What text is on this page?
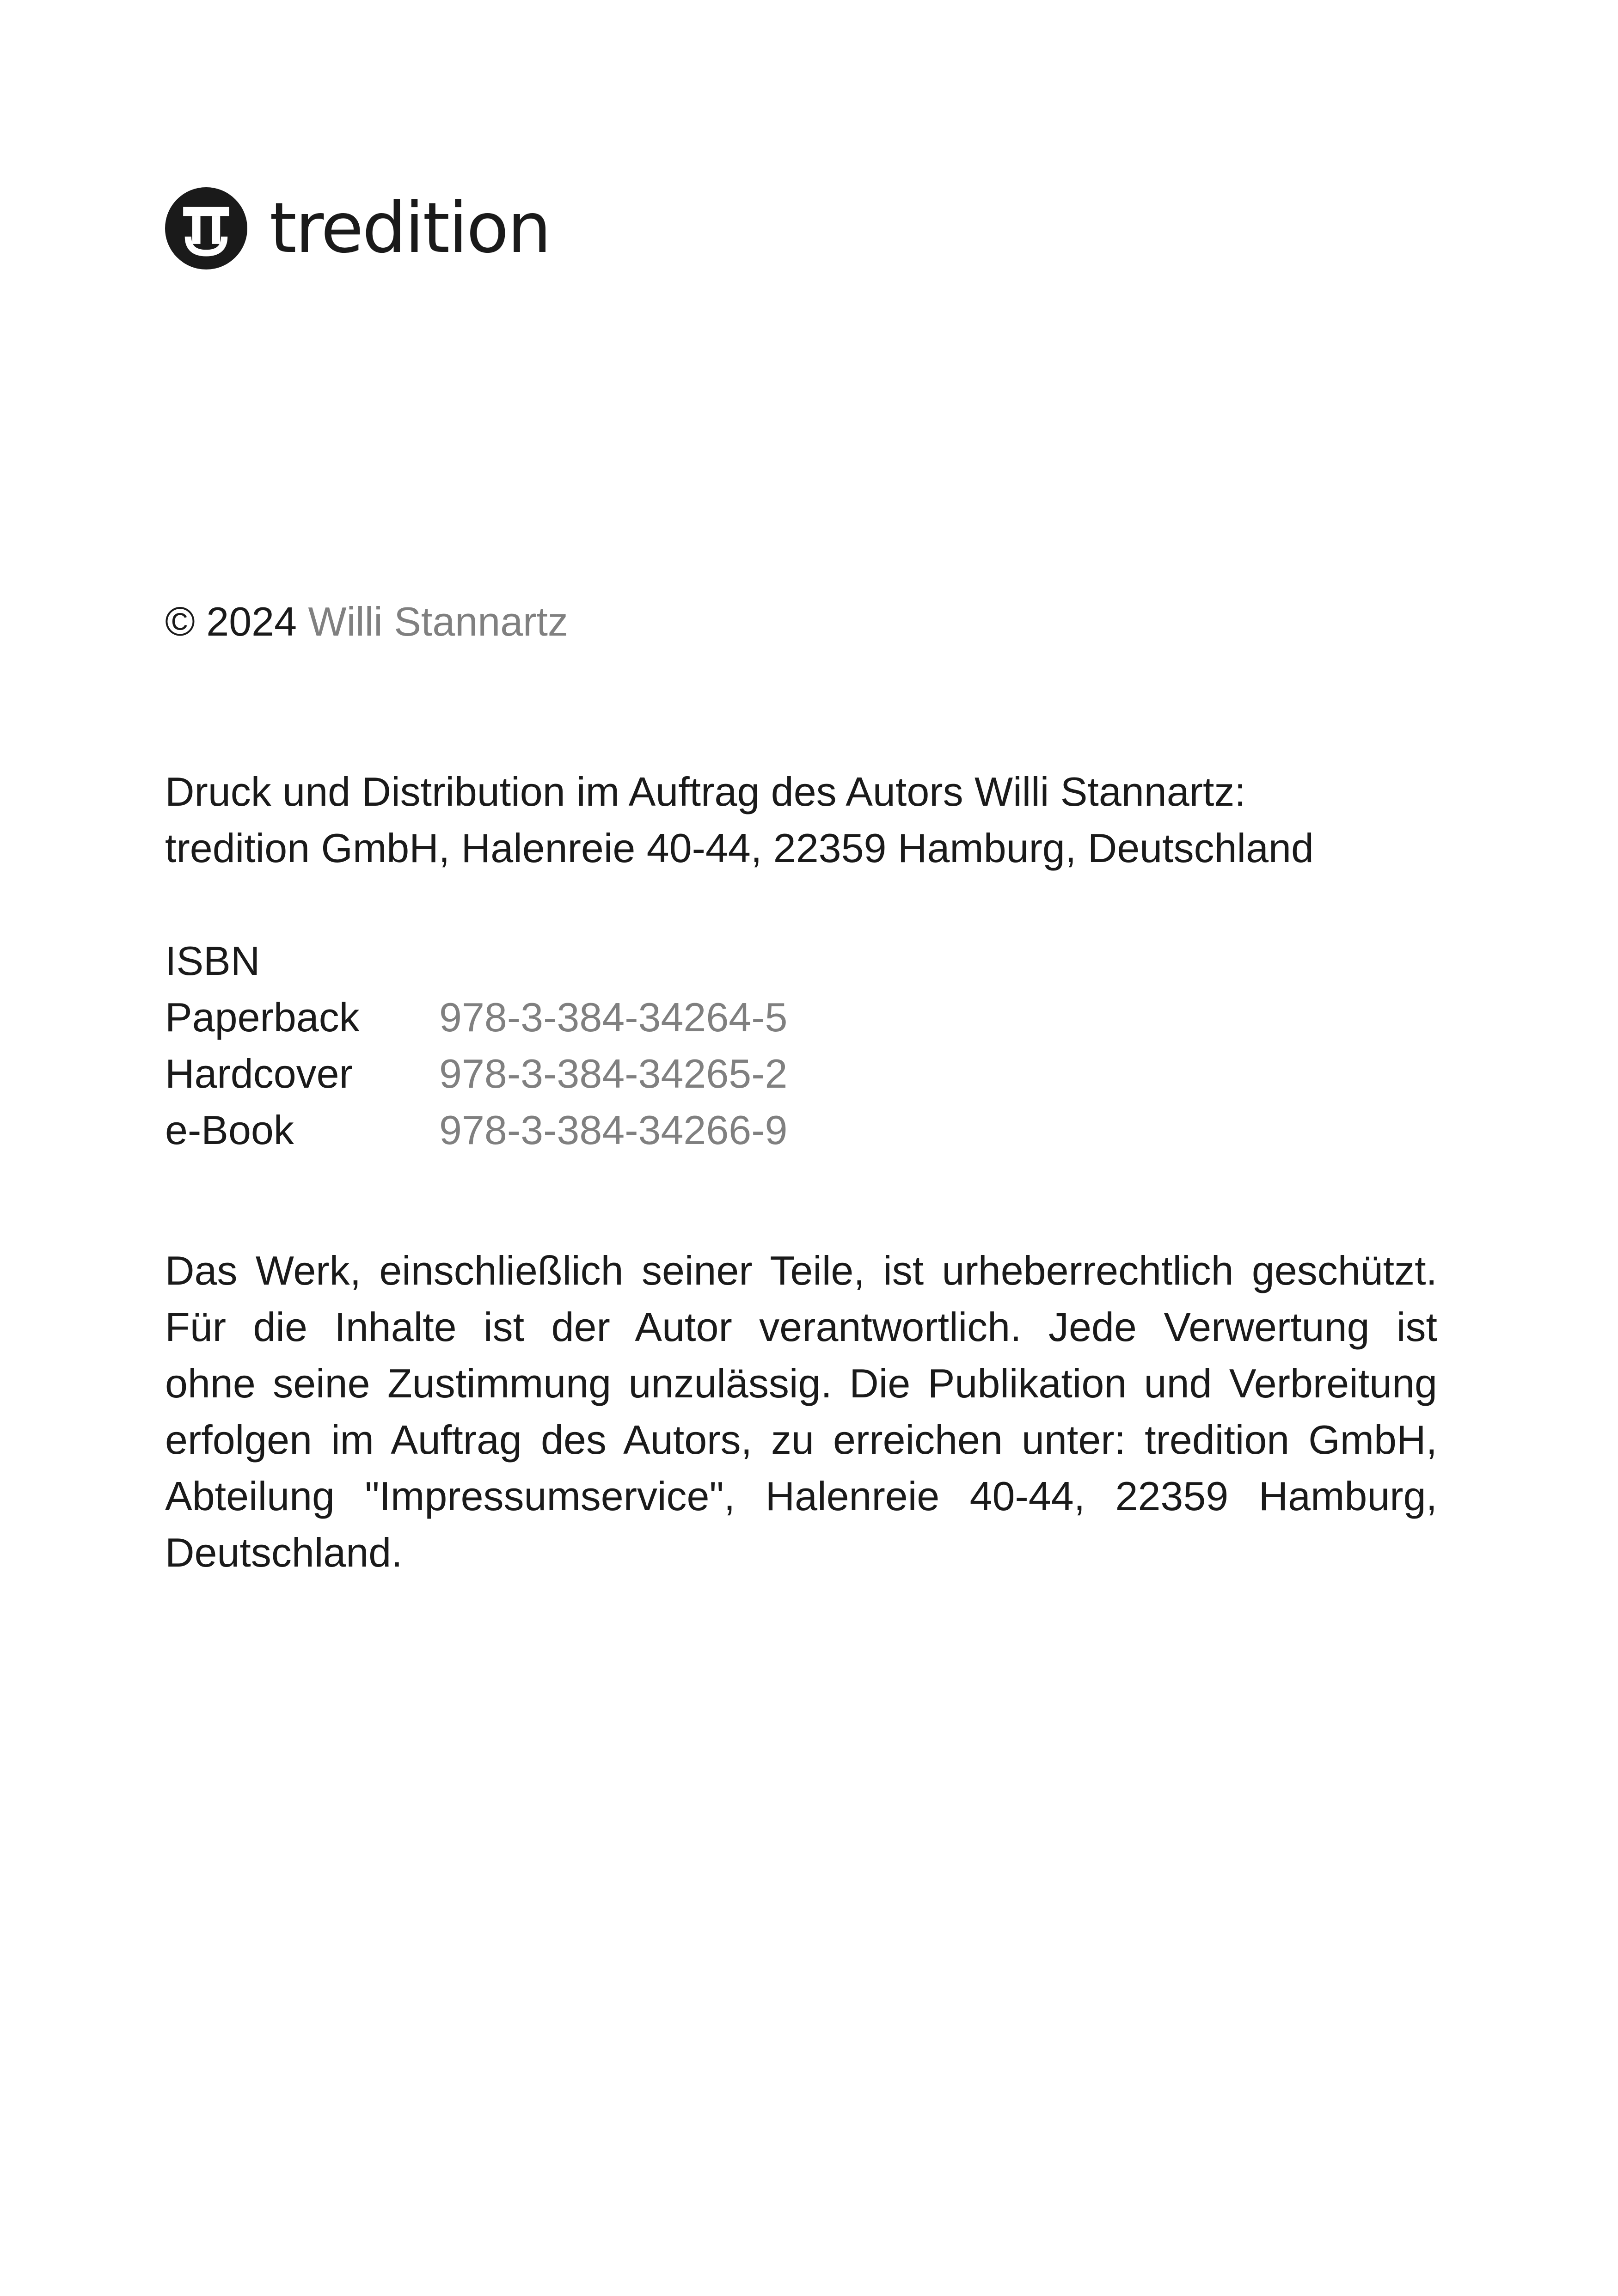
tredition
© 2024 Willi Stannartz
Druck und Distribution im Auftrag des Autors Willi Stannartz:
tredition GmbH, Halenreie 40-44, 22359 Hamburg, Deutschland
ISBN
Paperback	978-3-384-34264-5
Hardcover	978-3-384-34265-2
e-Book	978-3-384-34266-9
Das Werk, einschließlich seiner Teile, ist urheberrechtlich geschützt.
Für die Inhalte ist der Autor verantwortlich. Jede Verwertung ist
ohne seine Zustimmung unzulässig. Die Publikation und Verbreitung
erfolgen im Auftrag des Autors, zu erreichen unter: tredition GmbH,
Abteilung "Impressumservice", Halenreie 40-44, 22359 Hamburg,
Deutschland.
